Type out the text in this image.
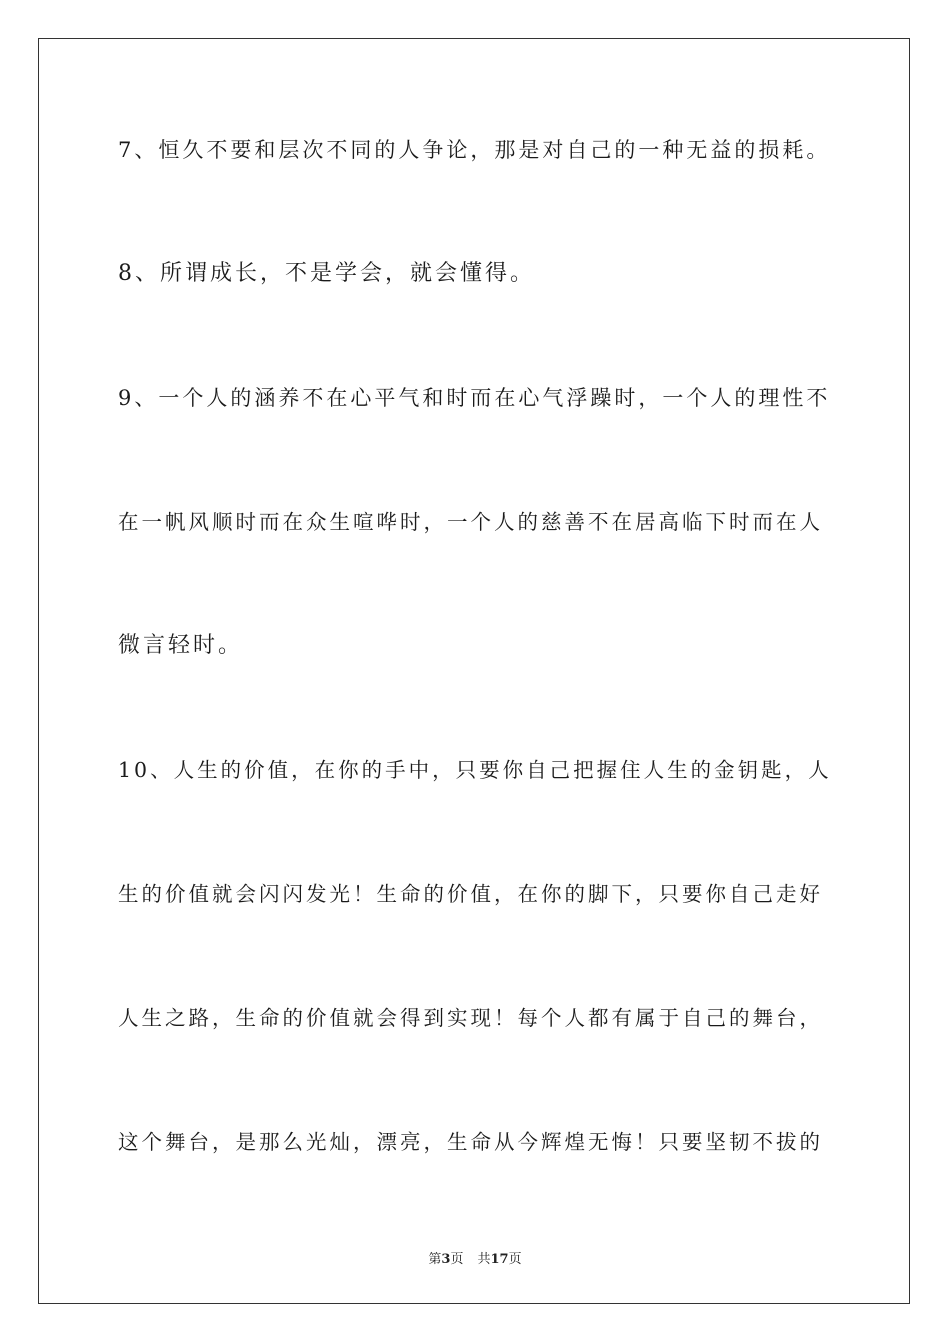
7、恒久不要和层次不同的人争论，那是对自己的一种无益的损耗。
8、所谓成长，不是学会，就会懂得。
9、一个人的涵养不在心平气和时而在心气浮躁时，一个人的理性不
在一帆风顺时而在众生喧哗时，一个人的慈善不在居高临下时而在人
微言轻时。
10、人生的价值，在你的手中，只要你自己把握住人生的金钥匙，人
生的价值就会闪闪发光！生命的价值，在你的脚下，只要你自己走好
人生之路，生命的价值就会得到实现！每个人都有属于自己的舞台，
这个舞台，是那么光灿，漂亮，生命从今辉煌无悔！只要坚韧不拔的
第3页 共17页
